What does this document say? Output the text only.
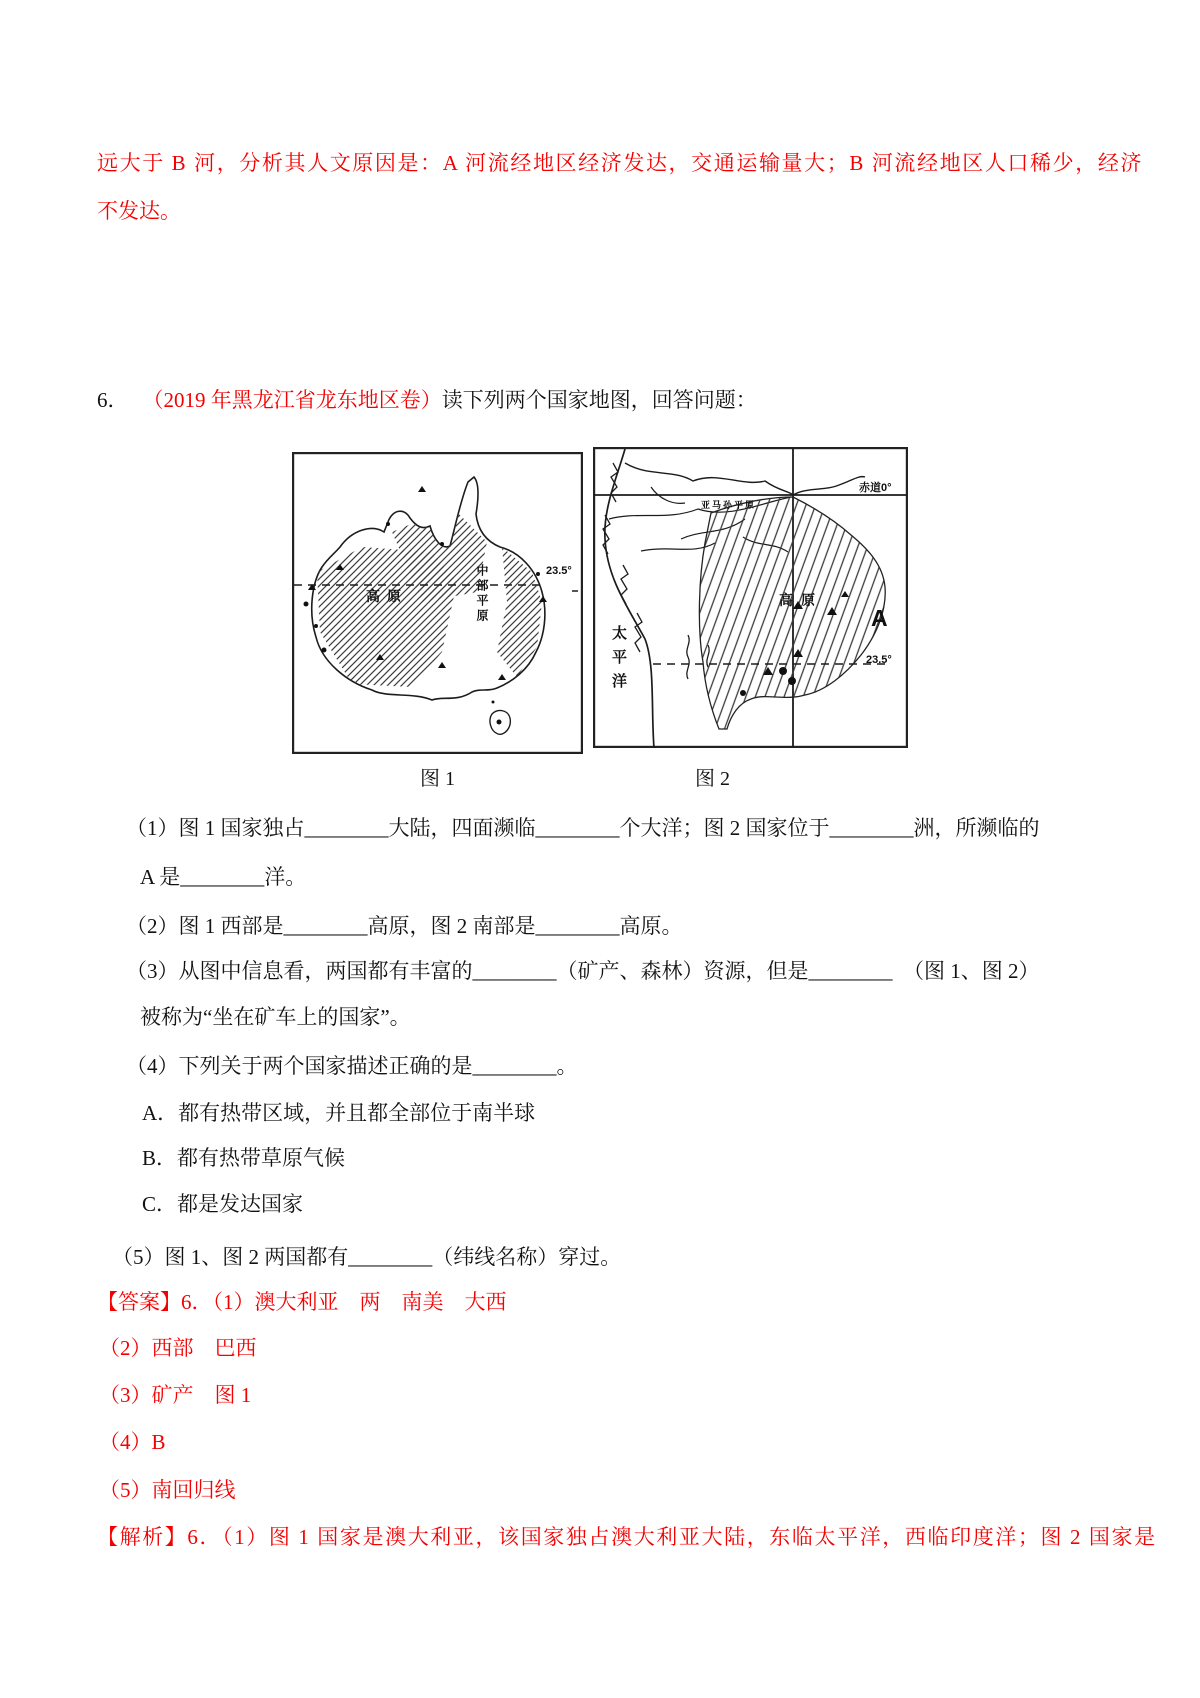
远大于 B 河，分析其人文原因是：A 河流经地区经济发达，交通运输量大；B 河流经地区人口稀少，经济
不发达。
6． （2019 年黑龙江省龙东地区卷）读下列两个国家地图，回答问题：
高原	中部平原	23.5°
太平洋
赤道0°
亚马孙平原
高原
A
23.5°
图 1	图 2
（1）图 1 国家独占________大陆，四面濒临________个大洋；图 2 国家位于________洲，所濒临的
A 是________洋。
（2）图 1 西部是________高原，图 2 南部是________高原。
（3）从图中信息看，两国都有丰富的________（矿产、森林）资源，但是________　（图 1、图 2）
被称为“坐在矿车上的国家”。
（4）下列关于两个国家描述正确的是________。
A．都有热带区域，并且都全部位于南半球
B．都有热带草原气候
C．都是发达国家
（5）图 1、图 2 两国都有________（纬线名称）穿过。
【答案】6．（1）澳大利亚　两　南美　大西
（2）西部　巴西
（3）矿产　图 1
（4）B
（5）南回归线
【解析】6．（1）图 1 国家是澳大利亚，该国家独占澳大利亚大陆，东临太平洋，西临印度洋；图 2 国家是
